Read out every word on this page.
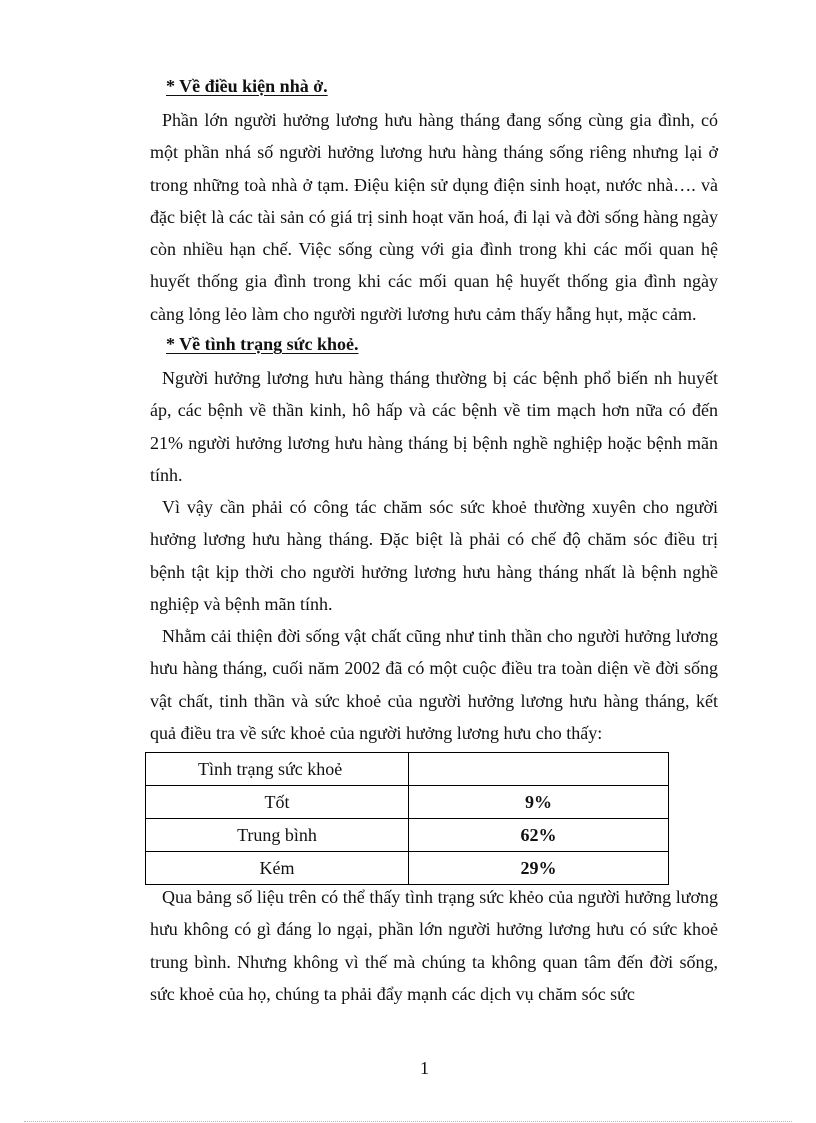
* Về điều kiện nhà ở.

Phần lớn người hưởng lương hưu hàng tháng đang sống cùng gia đình, có một phần nhá số người hưởng lương hưu hàng tháng sống riêng nhưng lại ở trong những toà nhà ở tạm. Điệu kiện sử dụng điện sinh hoạt, nước nhà…. và đặc biệt là các tài sản có giá trị sinh hoạt văn hoá, đi lại và đời sống hàng ngày còn nhiều hạn chế. Việc sống cùng với gia đình trong khi các mối quan hệ huyết thống gia đình trong khi các mối quan hệ huyết thống gia đình ngày càng lỏng lẻo làm cho người người lương hưu cảm thấy hẫng hụt, mặc cảm.

* Về tình trạng sức khoẻ.

Người hưởng lương hưu hàng tháng thường bị các bệnh phổ biến nh huyết áp, các bệnh về thần kinh, hô hấp và các bệnh về tim mạch hơn nữa có đến 21% người hưởng lương hưu hàng tháng bị bệnh nghề nghiệp hoặc bệnh mãn tính.

Vì vậy cần phải có công tác chăm sóc sức khoẻ thường xuyên cho người hưởng lương hưu hàng tháng. Đặc biệt là phải có chế độ chăm sóc điều trị bệnh tật kịp thời cho người hưởng lương hưu hàng tháng nhất là bệnh nghề nghiệp và bệnh mãn tính.

Nhằm cải thiện đời sống vật chất cũng như tinh thần cho người hưởng lương hưu hàng tháng, cuối năm 2002 đã có một cuộc điều tra toàn diện về đời sống vật chất, tinh thần và sức khoẻ của người hưởng lương hưu hàng tháng, kết quả điều tra về sức khoẻ của người hưởng lương hưu cho thấy:

Tình trạng sức khoẻ	
Tốt	9%
Trung bình	62%
Kém	29%

Qua bảng số liệu trên có thể thấy tình trạng sức khẻo của người hưởng lương hưu không có gì đáng lo ngại, phần lớn người hưởng lương hưu có sức khoẻ trung bình. Nhưng không vì thế mà chúng ta không quan tâm đến đời sống, sức khoẻ của họ, chúng ta phải đẩy mạnh các dịch vụ chăm sóc sức

1
